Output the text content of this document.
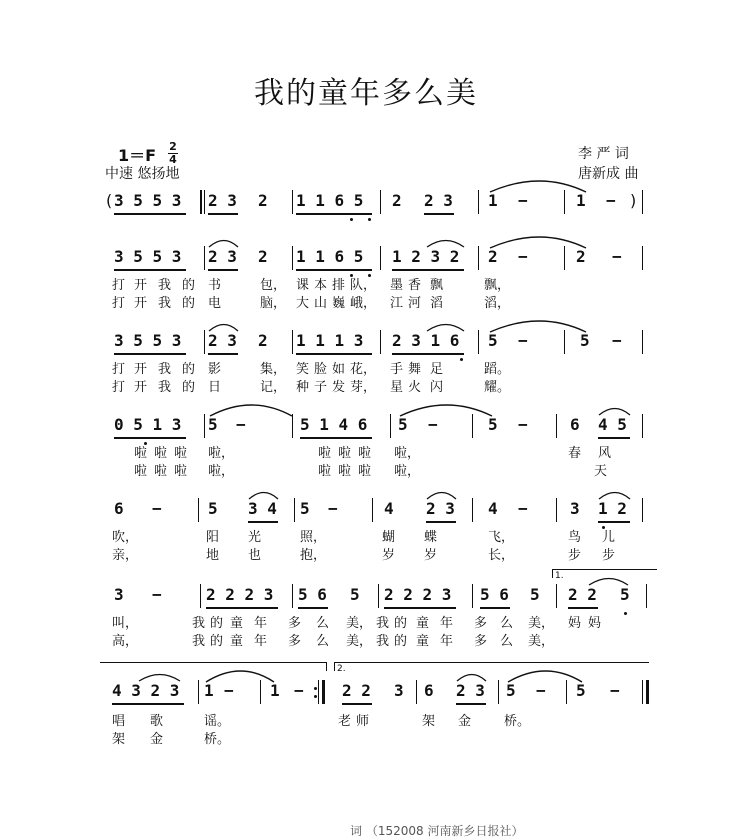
我的童年多么美
1＝F 2
4
中速 悠扬地
李 严 词
唐新成 曲
( 3 5 5 3 2 3 2 1 1 6 5 2 2 3 1 −	1 − )
3 5 5 3 2 3 2 1 1 6 5 1 2 3 2 2 −	2 −
打 开 我 的 书	包， 课 本 排 队， 墨 香 飘	飘，
打 开 我 的 电	脑， 大 山 巍 峨， 江 河 滔	滔，
3 5 5 3 2 3 2 1 1 1 3 2 3 1 6 5 −	5 −
打 开 我 的 影	集， 笑 脸 如 花， 手 舞 足	蹈。
打 开 我 的 日	记， 种 子 发 芽， 星 火 闪	耀。
0 5 1 3 5 −	5 1 4 6 5 −	5 −	6 4 5
啦 啦 啦 啦，	啦 啦 啦 啦，	春 风
啦 啦 啦 啦，	啦 啦 啦 啦，	天
6 −	5 3 4 5 −	4 2 3 4 −	3 1 2
吹，	阳 光	照，	蝴 蝶	飞，	鸟 儿
亲，	地 也	抱，	岁 岁	长，	步 步
1.
3 −	2 2 2 3 5 6 5 2 2 2 3 5 6 5 2 2 5
叫，	我 的 童 年 多 么 美， 我 的 童 年 多 么 美， 妈 妈
高，	我 的 童 年 多 么 美， 我 的 童 年 多 么 美，
2.
4 3 2 3 1 − 1 − 2 2 3 6 2 3 5 − 5 −
唱 歌	谣。	老 师	架 金	桥。
架 金	桥。
词 （152008 河南新乡日报社）
